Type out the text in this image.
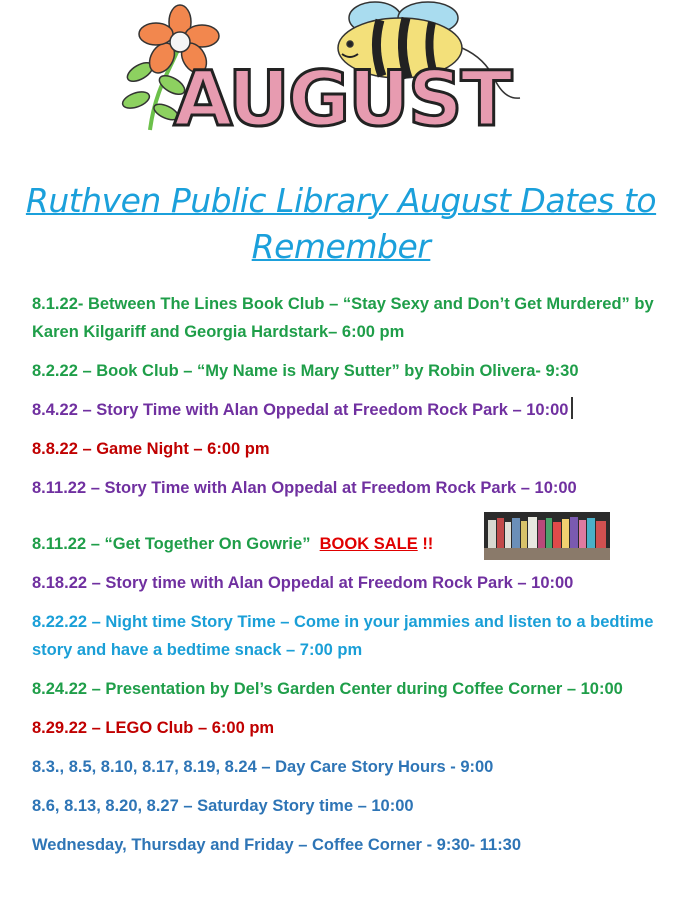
AUGUST
Ruthven Public Library August Dates to
Remember
8.1.22- Between The Lines Book Club – “Stay Sexy and Don’t Get Murdered” by Karen Kilgariff and Georgia Hardstark– 6:00 pm
8.2.22 – Book Club – “My Name is Mary Sutter” by Robin Olivera- 9:30
8.4.22 – Story Time with Alan Oppedal at Freedom Rock Park – 10:00
8.8.22 – Game Night – 6:00 pm
8.11.22 – Story Time with Alan Oppedal at Freedom Rock Park – 10:00
8.11.22 – “Get Together On Gowrie” BOOK SALE !!
8.18.22 – Story time with Alan Oppedal at Freedom Rock Park – 10:00
8.22.22 – Night time Story Time – Come in your jammies and listen to a bedtime story and have a bedtime snack – 7:00 pm
8.24.22 – Presentation by Del’s Garden Center during Coffee Corner – 10:00
8.29.22 – LEGO Club – 6:00 pm
8.3., 8.5, 8.10, 8.17, 8.19, 8.24 – Day Care Story Hours - 9:00
8.6, 8.13, 8.20, 8.27 – Saturday Story time – 10:00
Wednesday, Thursday and Friday – Coffee Corner - 9:30- 11:30
